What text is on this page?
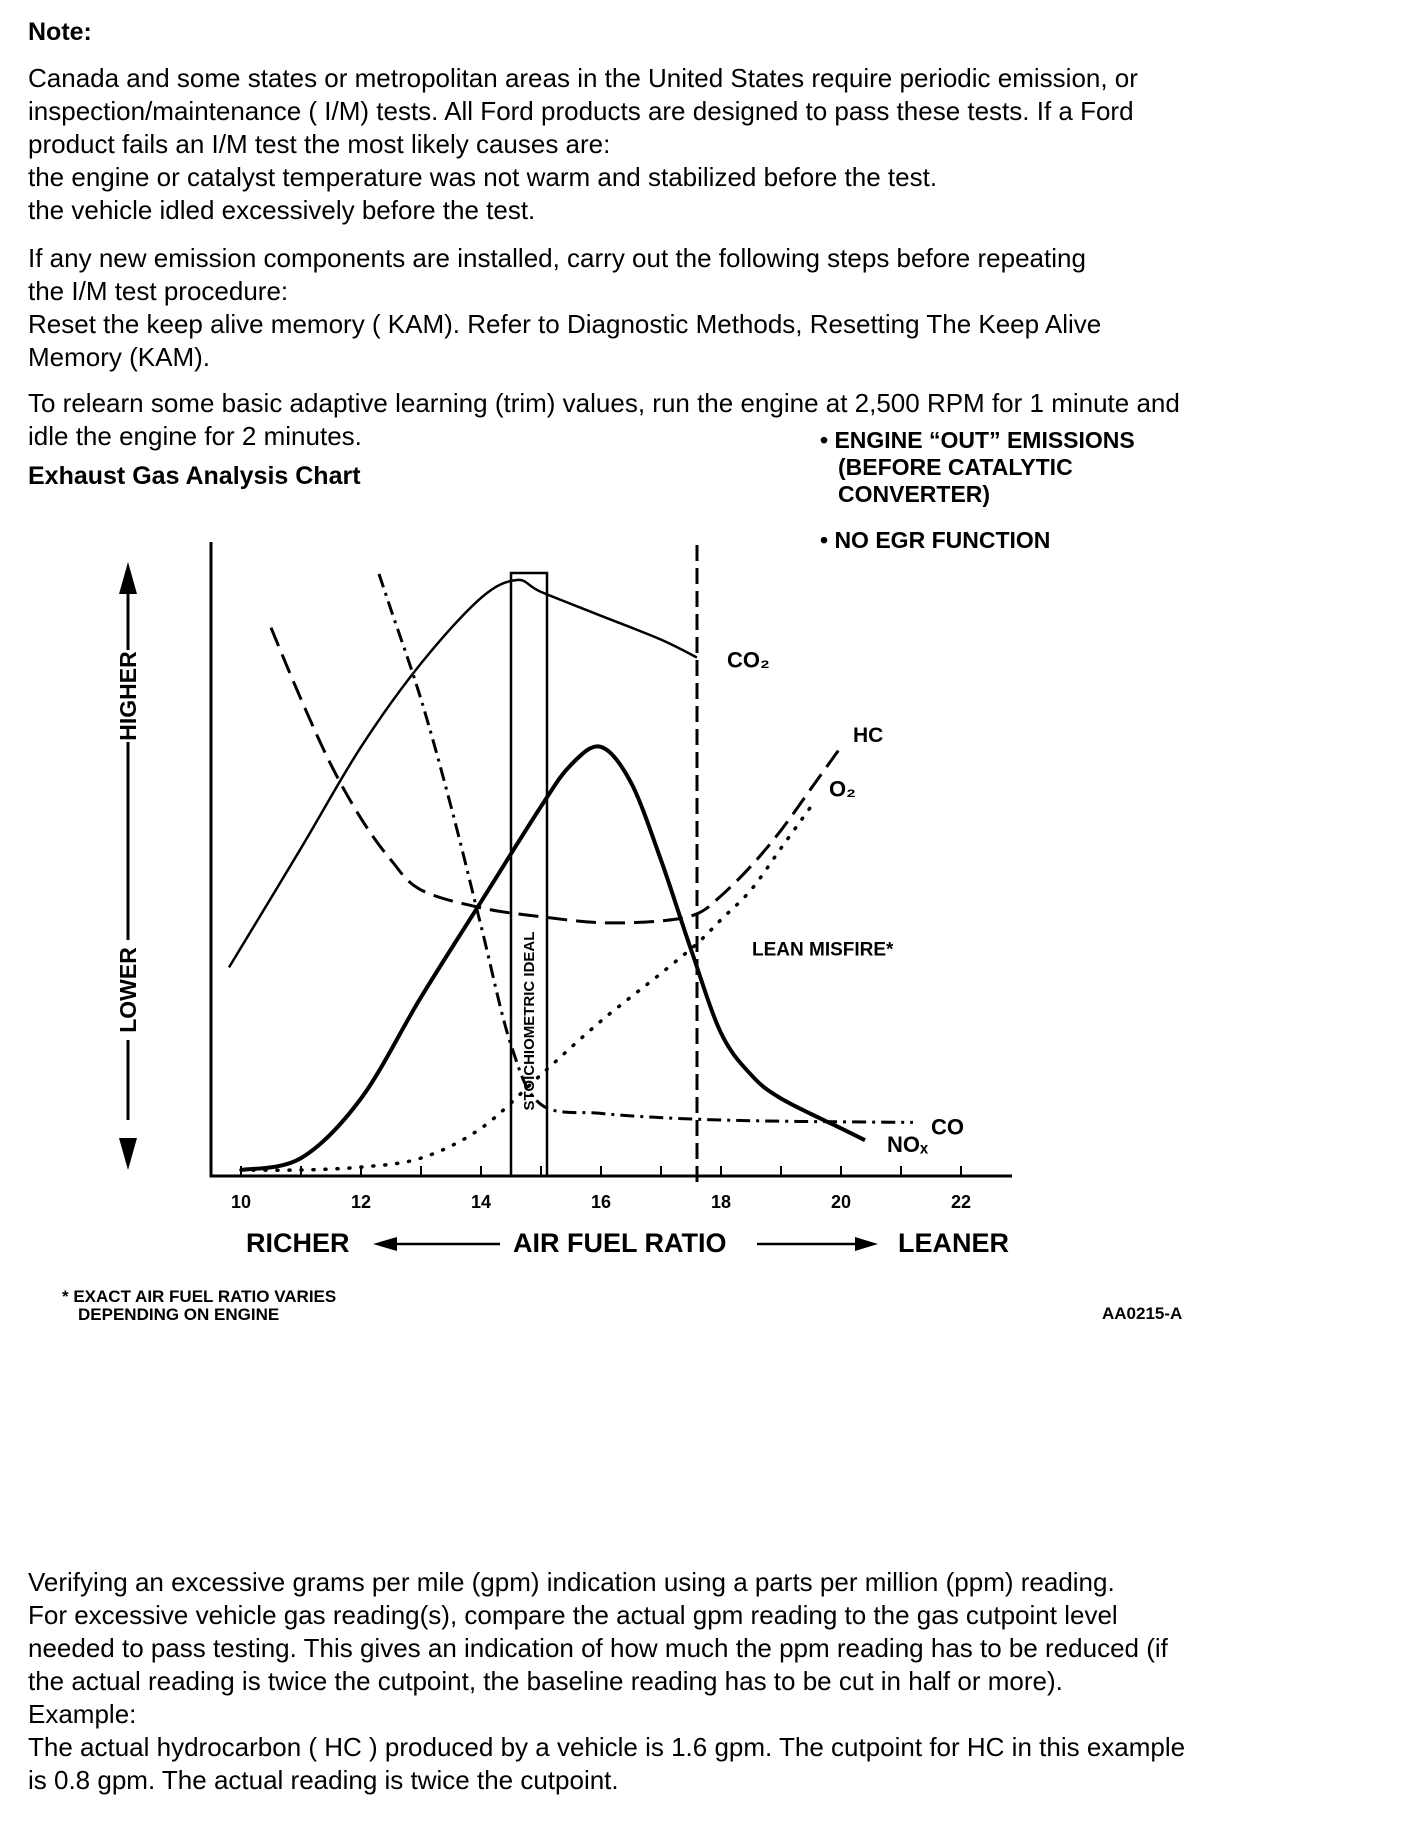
Note:
Canada and some states or metropolitan areas in the United States require periodic emission, or
inspection/maintenance ( I/M) tests. All Ford products are designed to pass these tests. If a Ford
product fails an I/M test the most likely causes are:
the engine or catalyst temperature was not warm and stabilized before the test.
the vehicle idled excessively before the test.
If any new emission components are installed, carry out the following steps before repeating
the I/M test procedure:
Reset the keep alive memory ( KAM). Refer to Diagnostic Methods, Resetting The Keep Alive
Memory (KAM).
To relearn some basic adaptive learning (trim) values, run the engine at 2,500 RPM for 1 minute and
idle the engine for 2 minutes.
Exhaust Gas Analysis Chart
STOICHIOMETRIC IDEAL	LEAN MISFIRE*
CO₂
HC
O₂
NOₓ
CO
10	12	14	16	18	20	22
HIGHER
LOWER
RICHER	AIR FUEL RATIO	LEANER
• ENGINE “OUT” EMISSIONS
(BEFORE CATALYTIC
CONVERTER)
• NO EGR FUNCTION
* EXACT AIR FUEL RATIO VARIES
DEPENDING ON ENGINE	AA0215-A
Verifying an excessive grams per mile (gpm) indication using a parts per million (ppm) reading.
For excessive vehicle gas reading(s), compare the actual gpm reading to the gas cutpoint level
needed to pass testing. This gives an indication of how much the ppm reading has to be reduced (if
the actual reading is twice the cutpoint, the baseline reading has to be cut in half or more).
Example:
The actual hydrocarbon ( HC ) produced by a vehicle is 1.6 gpm. The cutpoint for HC in this example
is 0.8 gpm. The actual reading is twice the cutpoint.
